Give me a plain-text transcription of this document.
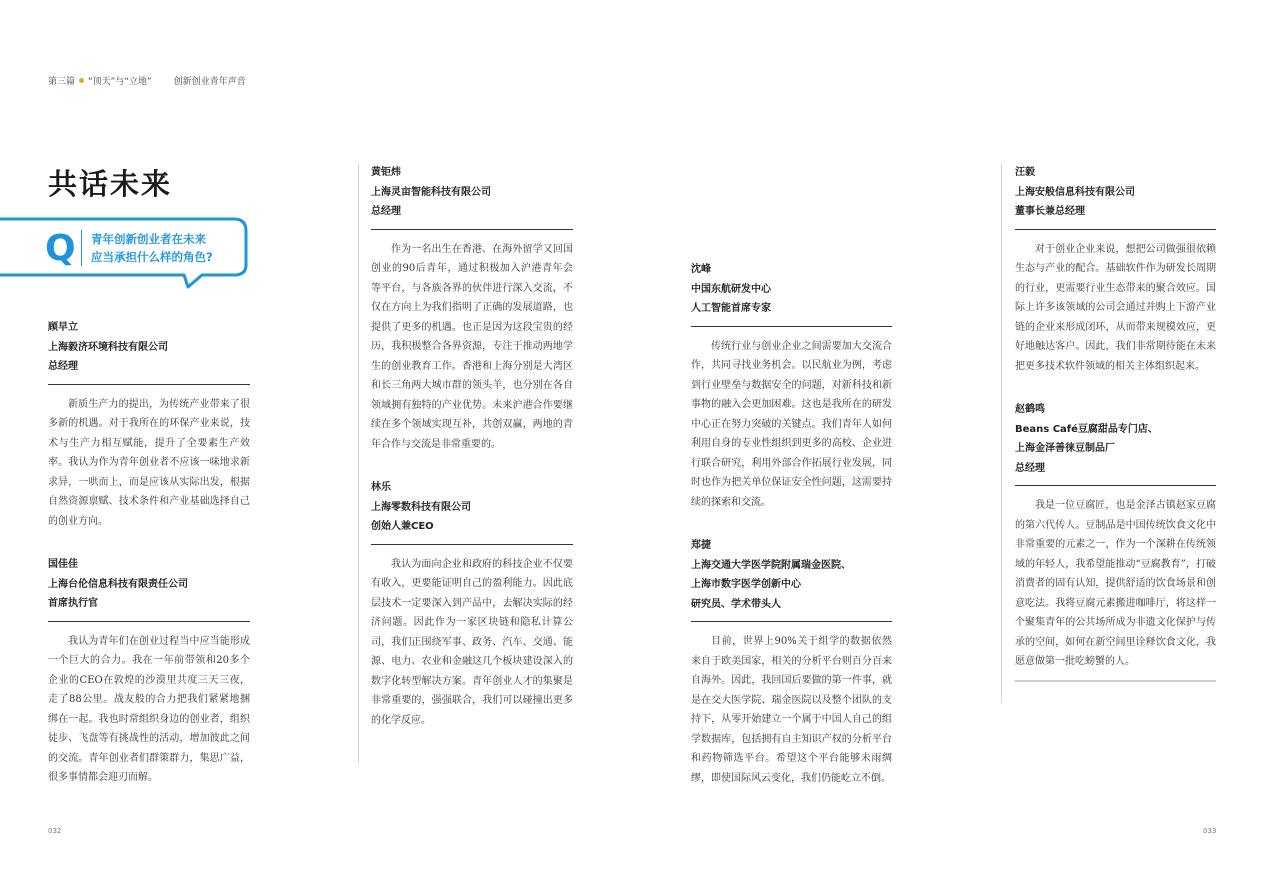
第三篇 “顶天”与“立地” 创新创业青年声音
共话未来
Q 青年创新创业者在未来
应当承担什么样的角色?
顾早立
上海毅济环境科技有限公司
总经理

新质生产力的提出，为传统产业带来了很多新的机遇。对于我所在的环保产业来说，技术与生产力相互赋能，提升了全要素生产效率。我认为作为青年创业者不应该一味地求新求异，一哄而上，而是应该从实际出发，根据自然资源禀赋、技术条件和产业基础选择自己的创业方向。

国佳佳
上海台伦信息科技有限责任公司
首席执行官

我认为青年们在创业过程当中应当能形成一个巨大的合力。我在一年前带领和20多个企业的CEO在敦煌的沙漠里共度三天三夜，走了88公里。战友般的合力把我们紧紧地捆绑在一起。我也时常组织身边的创业者，组织徒步、飞盘等有挑战性的活动，增加彼此之间的交流。青年创业者们群策群力，集思广益，很多事情都会迎刃而解。

黄钜炜
上海灵亩智能科技有限公司
总经理

作为一名出生在香港、在海外留学又回国创业的90后青年，通过积极加入沪港青年会等平台，与各族各界的伙伴进行深入交流，不仅在方向上为我们指明了正确的发展道路，也提供了更多的机遇。也正是因为这段宝贵的经历，我积极整合各界资源，专注于推动两地学生的创业教育工作。香港和上海分别是大湾区和长三角两大城市群的领头羊，也分别在各自领域拥有独特的产业优势。未来沪港合作要继续在多个领域实现互补，共创双赢，两地的青年合作与交流是非常重要的。

林乐
上海零数科技有限公司
创始人兼CEO

我认为面向企业和政府的科技企业不仅要有收入，更要能证明自己的盈利能力。因此底层技术一定要深入到产品中，去解决实际的经济问题。因此作为一家区块链和隐私计算公司，我们正围绕军事、政务、汽车、交通、能源、电力、农业和金融这几个板块建设深入的数字化转型解决方案。青年创业人才的集聚是非常重要的，强强联合，我们可以碰撞出更多的化学反应。

沈峰
中国东航研发中心
人工智能首席专家

传统行业与创业企业之间需要加大交流合作，共同寻找业务机会。以民航业为例，考虑到行业壁垒与数据安全的问题，对新科技和新事物的融入会更加困难。这也是我所在的研发中心正在努力突破的关键点。我们青年人如何利用自身的专业性组织到更多的高校、企业进行联合研究，利用外部合作拓展行业发展，同时也作为把关单位保证安全性问题，这需要持续的探索和交流。

郑捷
上海交通大学医学院附属瑞金医院、
上海市数字医学创新中心
研究员、学术带头人

目前，世界上90%关于组学的数据依然来自于欧美国家，相关的分析平台则百分百来自海外。因此，我回国后要做的第一件事，就是在交大医学院、瑞金医院以及整个团队的支持下，从零开始建立一个属于中国人自己的组学数据库，包括拥有自主知识产权的分析平台和药物筛选平台。希望这个平台能够未雨绸缪，即使国际风云变化，我们仍能屹立不倒。

汪毅
上海安般信息科技有限公司
董事长兼总经理

对于创业企业来说，想把公司做强很依赖生态与产业的配合。基础软件作为研发长周期的行业，更需要行业生态带来的聚合效应。国际上许多该领域的公司会通过并购上下游产业链的企业来形成闭环，从而带来规模效应，更好地触达客户。因此，我们非常期待能在未来把更多技术软件领域的相关主体组织起来。

赵鹤鸣
Beans Café豆腐甜品专门店、
上海金泽善徕豆制品厂
总经理

我是一位豆腐匠，也是金泽古镇赵家豆腐的第六代传人。豆制品是中国传统饮食文化中非常重要的元素之一，作为一个深耕在传统领域的年轻人，我希望能推动“豆腐教育”，打破消费者的固有认知，提供舒适的饮食场景和创意吃法。我将豆腐元素搬进咖啡厅，将这样一个聚集青年的公共场所成为非遗文化保护与传承的空间，如何在新空间里诠释饮食文化，我愿意做第一批吃螃蟹的人。

032	033
